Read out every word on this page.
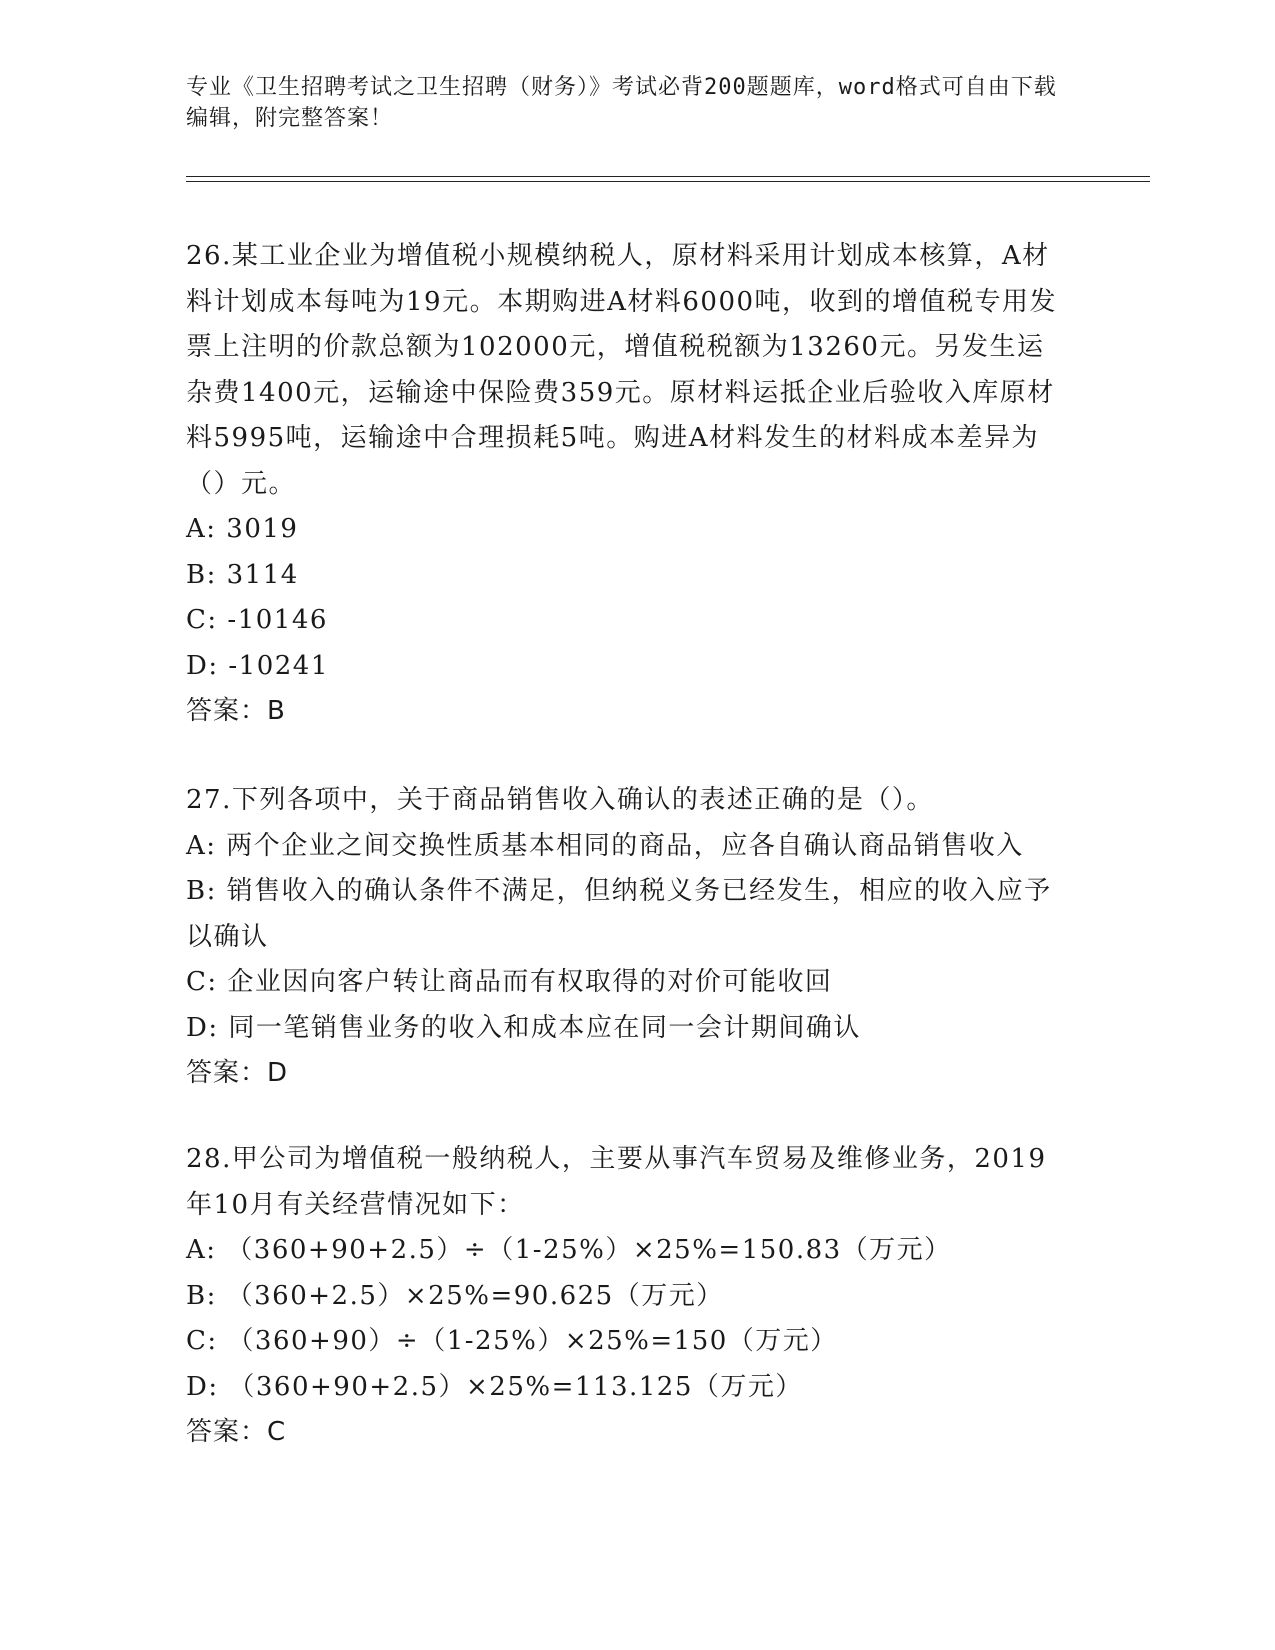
专业《卫生招聘考试之卫生招聘（财务）》考试必背200题题库，word格式可自由下载编辑，附完整答案！

26.某工业企业为增值税小规模纳税人，原材料采用计划成本核算，A材料计划成本每吨为19元。本期购进A材料6000吨，收到的增值税专用发票上注明的价款总额为102000元，增值税税额为13260元。另发生运杂费1400元，运输途中保险费359元。原材料运抵企业后验收入库原材料5995吨，运输途中合理损耗5吨。购进A材料发生的材料成本差异为（）元。

A: 3019

B: 3114

C: -10146

D: -10241

答案：B

27.下列各项中，关于商品销售收入确认的表述正确的是（）。

A: 两个企业之间交换性质基本相同的商品，应各自确认商品销售收入

B: 销售收入的确认条件不满足，但纳税义务已经发生，相应的收入应予以确认

C: 企业因向客户转让商品而有权取得的对价可能收回

D: 同一笔销售业务的收入和成本应在同一会计期间确认

答案：D

28.甲公司为增值税一般纳税人，主要从事汽车贸易及维修业务，2019年10月有关经营情况如下：

A: （360+90+2.5）÷（1-25%）×25%=150.83（万元）

B: （360+2.5）×25%=90.625（万元）

C: （360+90）÷（1-25%）×25%=150（万元）

D: （360+90+2.5）×25%=113.125（万元）

答案：C
